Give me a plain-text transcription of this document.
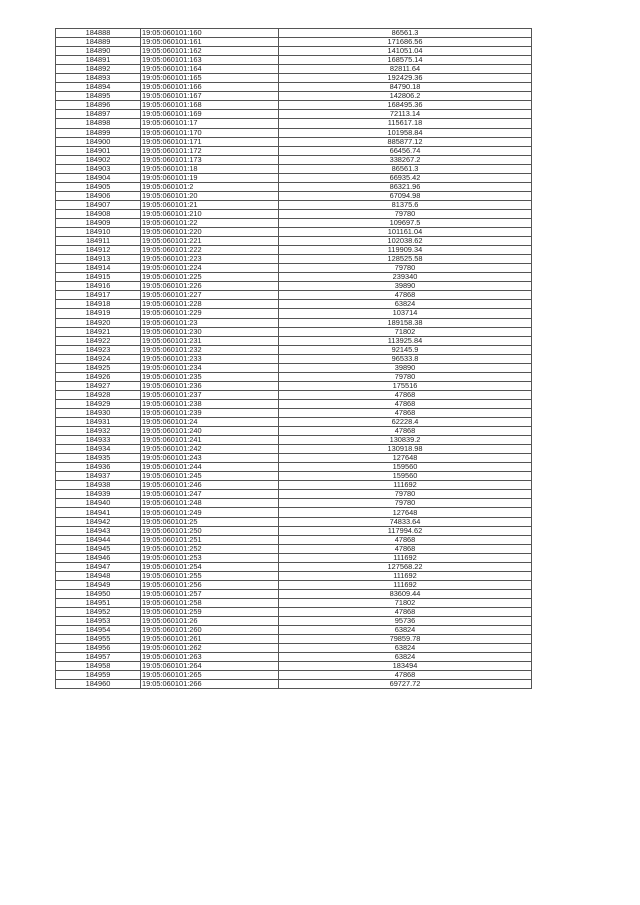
184888	19:05:060101:160	86561.3
184889	19:05:060101:161	171686.56
184890	19:05:060101:162	141051.04
184891	19:05:060101:163	168575.14
184892	19:05:060101:164	82811.64
184893	19:05:060101:165	192429.36
184894	19:05:060101:166	84790.18
184895	19:05:060101:167	142806.2
184896	19:05:060101:168	168495.36
184897	19:05:060101:169	72113.14
184898	19:05:060101:17	115617.18
184899	19:05:060101:170	101958.84
184900	19:05:060101:171	885877.12
184901	19:05:060101:172	66456.74
184902	19:05:060101:173	338267.2
184903	19:05:060101:18	86561.3
184904	19:05:060101:19	66935.42
184905	19:05:060101:2	86321.96
184906	19:05:060101:20	67094.98
184907	19:05:060101:21	81375.6
184908	19:05:060101:210	79780
184909	19:05:060101:22	109697.5
184910	19:05:060101:220	101161.04
184911	19:05:060101:221	102038.62
184912	19:05:060101:222	119909.34
184913	19:05:060101:223	128525.58
184914	19:05:060101:224	79780
184915	19:05:060101:225	239340
184916	19:05:060101:226	39890
184917	19:05:060101:227	47868
184918	19:05:060101:228	63824
184919	19:05:060101:229	103714
184920	19:05:060101:23	189158.38
184921	19:05:060101:230	71802
184922	19:05:060101:231	113925.84
184923	19:05:060101:232	92145.9
184924	19:05:060101:233	96533.8
184925	19:05:060101:234	39890
184926	19:05:060101:235	79780
184927	19:05:060101:236	175516
184928	19:05:060101:237	47868
184929	19:05:060101:238	47868
184930	19:05:060101:239	47868
184931	19:05:060101:24	62228.4
184932	19:05:060101:240	47868
184933	19:05:060101:241	130839.2
184934	19:05:060101:242	130918.98
184935	19:05:060101:243	127648
184936	19:05:060101:244	159560
184937	19:05:060101:245	159560
184938	19:05:060101:246	111692
184939	19:05:060101:247	79780
184940	19:05:060101:248	79780
184941	19:05:060101:249	127648
184942	19:05:060101:25	74833.64
184943	19:05:060101:250	117994.62
184944	19:05:060101:251	47868
184945	19:05:060101:252	47868
184946	19:05:060101:253	111692
184947	19:05:060101:254	127568.22
184948	19:05:060101:255	111692
184949	19:05:060101:256	111692
184950	19:05:060101:257	83609.44
184951	19:05:060101:258	71802
184952	19:05:060101:259	47868
184953	19:05:060101:26	95736
184954	19:05:060101:260	63824
184955	19:05:060101:261	79859.78
184956	19:05:060101:262	63824
184957	19:05:060101:263	63824
184958	19:05:060101:264	183494
184959	19:05:060101:265	47868
184960	19:05:060101:266	69727.72
